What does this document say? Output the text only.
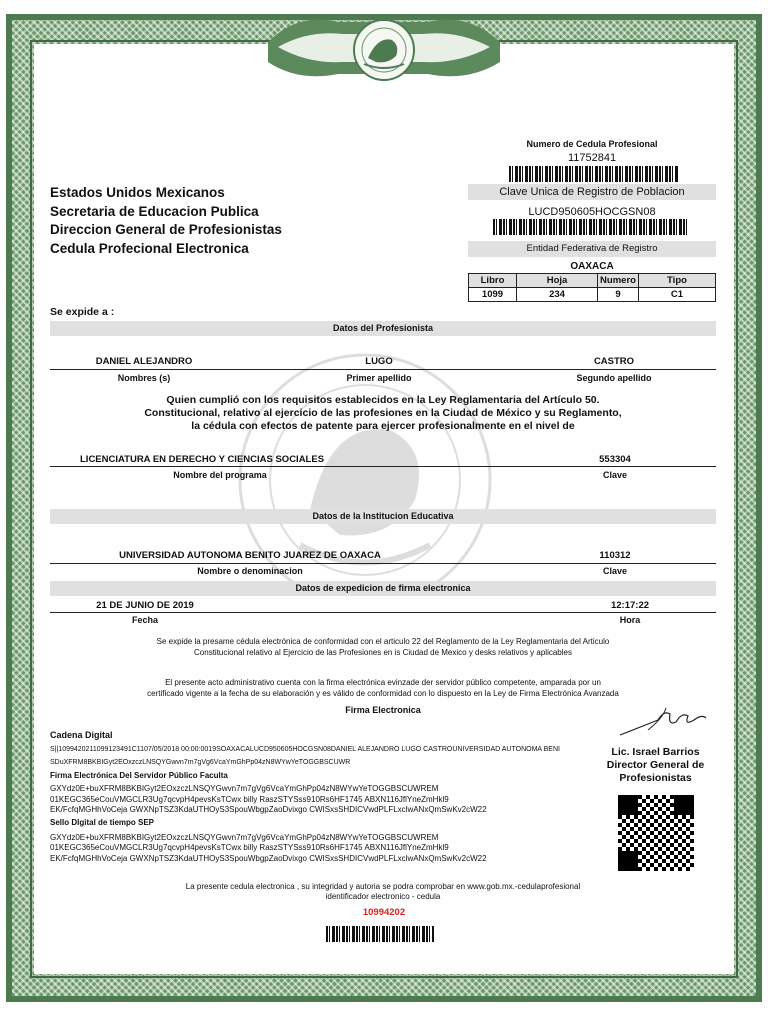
Estados Unidos Mexicanos
Secretaria de Educacion Publica
Direccion General de Profesionistas
Cedula Profecional Electronica
Numero de Cedula Profesional
11752841
Clave Unica de Registro de Poblacion
LUCD950605HOCGSN08
Entidad Federativa de Registro
OAXACA
Libro	Hoja	Numero	Tipo
1099	234	9	C1
Se expide a :
Datos del Profesionista
DANIEL ALEJANDRO	LUGO	CASTRO
Nombres (s)	Primer apellido	Segundo apellido
Quien cumplió con los requisitos establecidos en la Ley Reglamentaria del Artículo 50.
Constitucional, relativo al ejercicio de las profesiones en la Ciudad de México y su Reglamento,
la cédula con efectos de patente para ejercer profesionalmente en el nivel de
LICENCIATURA EN DERECHO Y CIENCIAS SOCIALES	553304
Nombre del programa	Clave
Datos de la Institucion Educativa
UNIVERSIDAD AUTONOMA BENITO JUAREZ DE OAXACA	110312
Nombre o denominacion	Clave
Datos de expedicion de firma electronica
21 DE JUNIO DE 2019	12:17:22
Fecha	Hora
Se expide la presame cédula electrónica de conformidad con el articulo 22 del Reglamento de la Ley Reglamentaria del Articulo
Constitucional relativo al Ejercicio de las Profesiones en is Ciudad de Mexico y desks relativos y aplicables
El presente acto administrativo cuenta con la firma electrónica evinzade der servidor público competente, amparada por un
certificado vigente a la fecha de su elaboración y es válido de conformidad con lo dispuesto en la Ley de Firma Electrónica Avanzada
Firma Electronica
Cadena Digital
S||1099420211099123491C1107/05/2018 00:00:0019SOAXACALUCD950605HOCGSN08DANIEL ALEJANDRO LUGO CASTROUNIVERSIDAD AUTONOMA BENI
SDuXFRM8BKBIGyt2EOxzczLNSQYGwvn7m7gVg6VcaYmGhPp04zN8WYwYeTOGGBSCUWR
Firma Electrónica Del Servidor Público Facultа
GXYdz0E+buXFRM8BKBIGyt2EOxzczLNSQYGwvn7m7gVg6VcaYmGhPp04zN8WYwYeTOGGBSCUWREM
01KEGC365eCouVMGCLR3Ug7qcvpH4pevsKsTCwx billy RaszSTYSss910Rs6HF1745 ABXN116JflYneZmHkl9
EK/FcfqMGHhVoCeja GWXNpTSZ3KdaUTHOyS3SpouWbgpZaoDvixgo CWISxsSHDICVwdPLFLxclwANxQmSwKv2cW22
Sello DIgital de tiempo SEP
GXYdz0E+buXFRM8BKBIGyt2EOxzczLNSQYGwvn7m7gVg6VcaYmGhPp04zN8WYwYeTOGGBSCUWREM
01KEGC365eCouVMGCLR3Ug7qcvpH4pevsKsTCwx billy RaszSTYSss910Rs6HF1745 ABXN116JflYneZmHkl9
EK/FcfqMGHhVoCeja GWXNpTSZ3KdaUTHOyS3SpouWbgpZaoDvixgo CWISxsSHDICVwdPLFLxclwANxQmSwKv2cW22
Lic. Israel Barrios
Director General de
Profesionistas
La presente cedula electronica , su integridad y autoria se podra comprobar en www.gob.mx.-cedulaprofesional
identificador electronico - cedula
10994202
